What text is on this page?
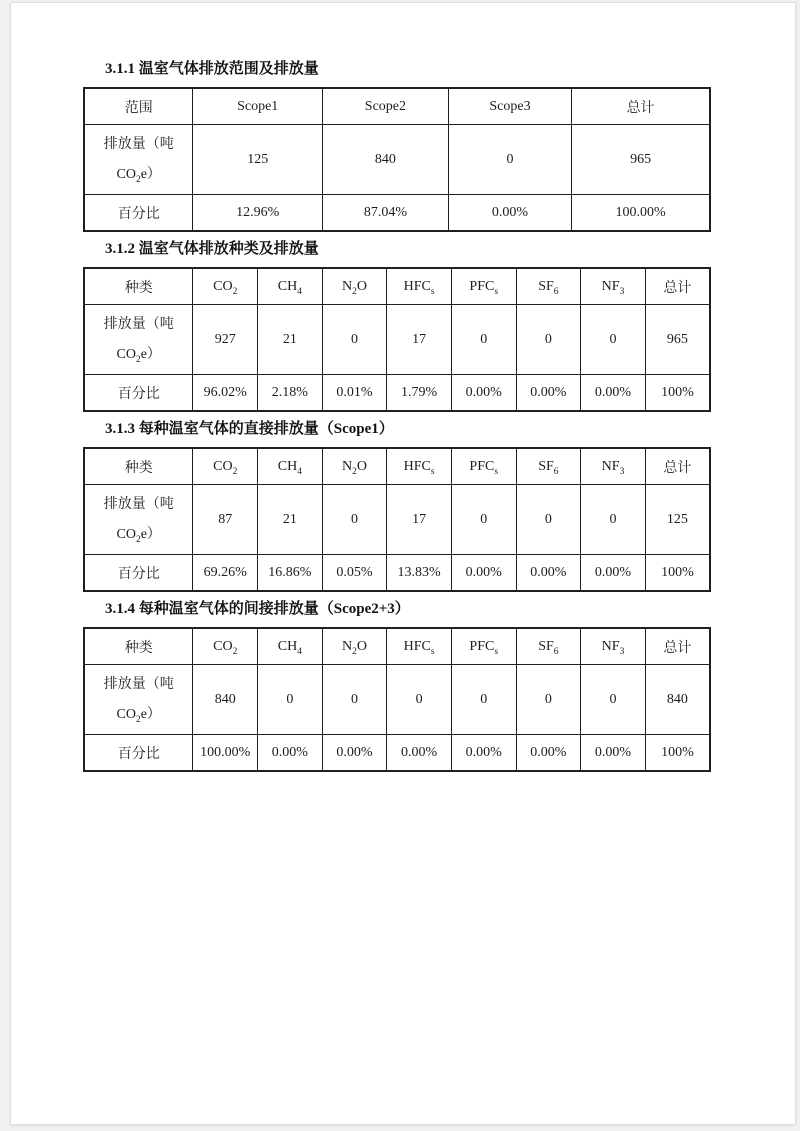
3.1.1 温室气体排放范围及排放量
范围	Scope1	Scope2	Scope3	总计
排放量（吨
$CO_2e$）	125	840	0	965
百分比	12.96%	87.04%	0.00%	100.00%
3.1.2 温室气体排放种类及排放量
种类	$CO_2$	$CH_4$	$N_2O$	$HFC_s$	$PFC_s$	$SF_6$	$NF_3$	总计
排放量（吨
$CO_2e$）	927	21	0	17	0	0	0	965
百分比	96.02%	2.18%	0.01%	1.79%	0.00%	0.00%	0.00%	100%
3.1.3 每种温室气体的直接排放量（Scope1）
种类	$CO_2$	$CH_4$	$N_2O$	$HFC_s$	$PFC_s$	$SF_6$	$NF_3$	总计
排放量（吨
$CO_2e$）	87	21	0	17	0	0	0	125
百分比	69.26%	16.86%	0.05%	13.83%	0.00%	0.00%	0.00%	100%
3.1.4 每种温室气体的间接排放量（Scope2+3）
种类	$CO_2$	$CH_4$	$N_2O$	$HFC_s$	$PFC_s$	$SF_6$	$NF_3$	总计
排放量（吨
$CO_2e$）	840	0	0	0	0	0	0	840
百分比	100.00%	0.00%	0.00%	0.00%	0.00%	0.00%	0.00%	100%
